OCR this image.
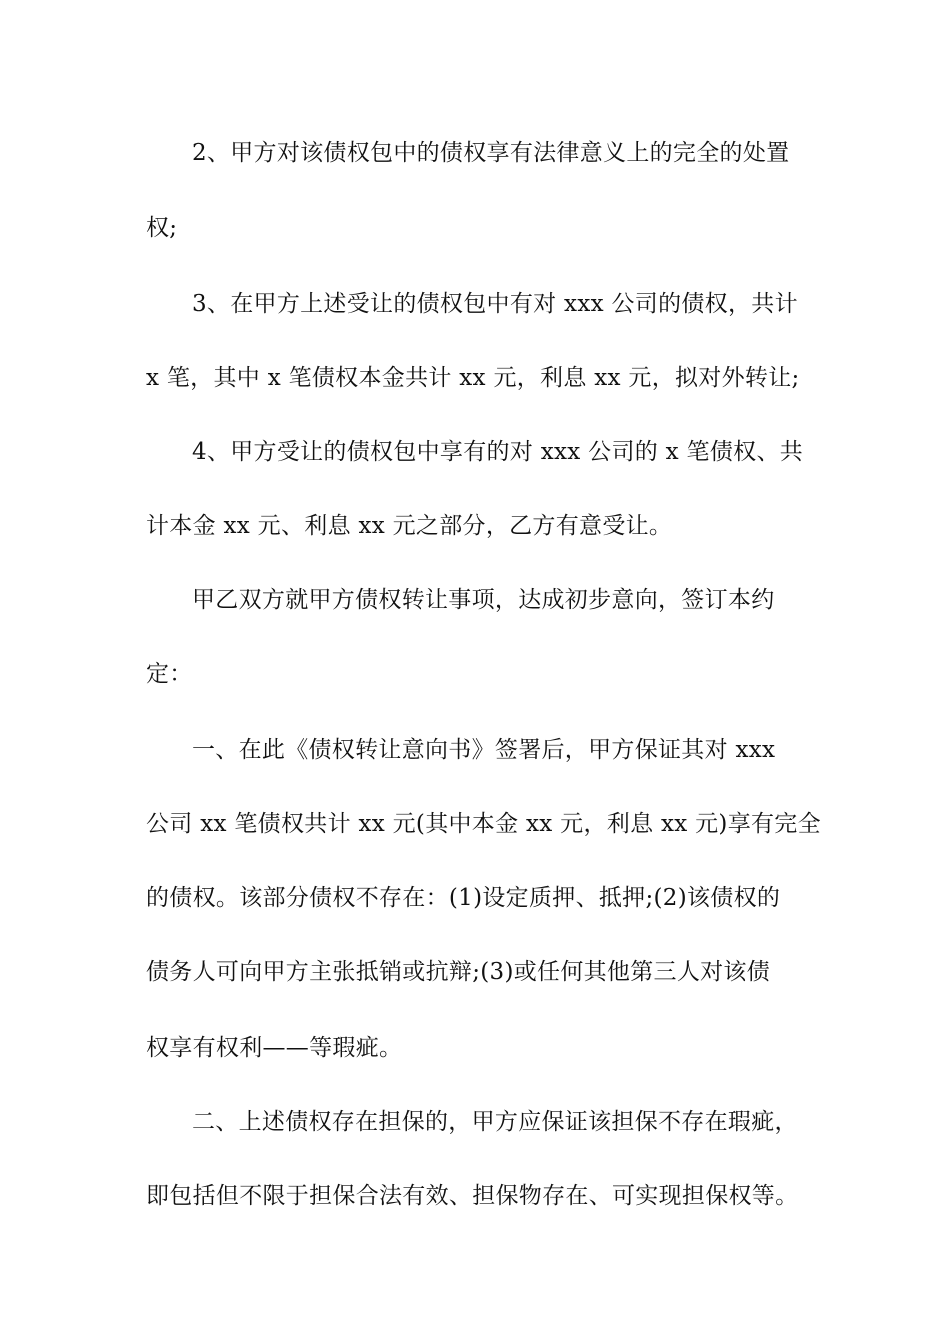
2、甲方对该债权包中的债权享有法律意义上的完全的处置
权;
3、在甲方上述受让的债权包中有对 xxx 公司的债权，共计
x 笔，其中 x 笔债权本金共计 xx 元，利息 xx 元，拟对外转让;
4、甲方受让的债权包中享有的对 xxx 公司的 x 笔债权、共
计本金 xx 元、利息 xx 元之部分，乙方有意受让。
甲乙双方就甲方债权转让事项，达成初步意向，签订本约
定：
一、在此《债权转让意向书》签署后，甲方保证其对 xxx
公司 xx 笔债权共计 xx 元(其中本金 xx 元，利息 xx 元)享有完全
的债权。该部分债权不存在：(1)设定质押、抵押;(2)该债权的
债务人可向甲方主张抵销或抗辩;(3)或任何其他第三人对该债
权享有权利——等瑕疵。
二、上述债权存在担保的，甲方应保证该担保不存在瑕疵，
即包括但不限于担保合法有效、担保物存在、可实现担保权等。
